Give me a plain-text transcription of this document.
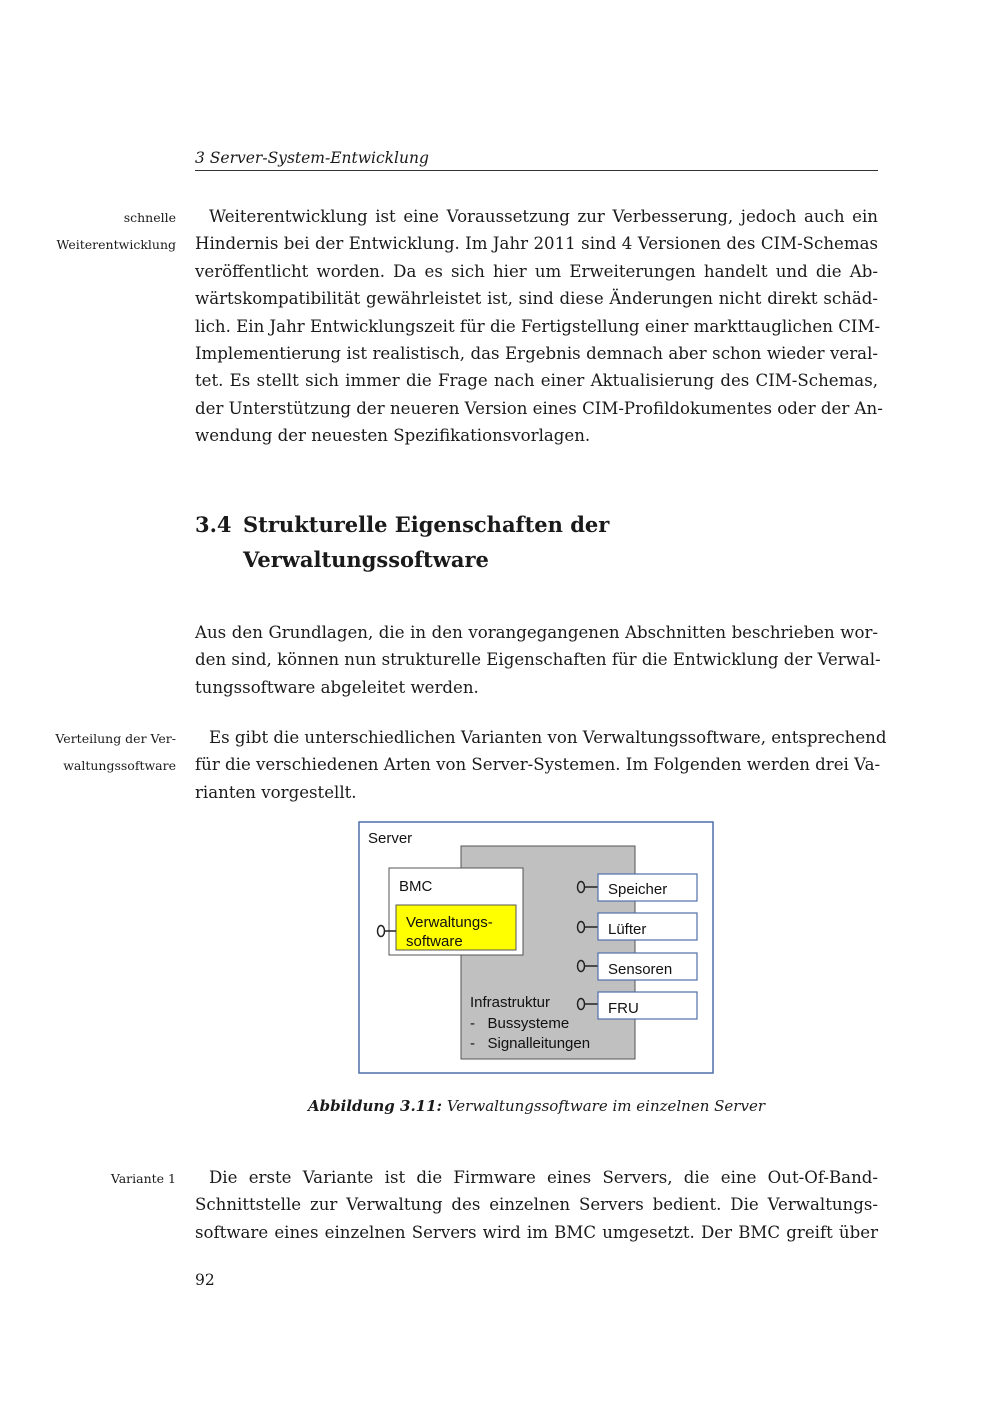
3 Server-System-Entwicklung
schnelle
Weiterentwicklung
Weiterentwicklung ist eine Voraussetzung zur Verbesserung, jedoch auch ein
Hindernis bei der Entwicklung. Im Jahr 2011 sind 4 Versionen des CIM-Schemas
veröffentlicht worden. Da es sich hier um Erweiterungen handelt und die Ab-
wärtskompatibilität gewährleistet ist, sind diese Änderungen nicht direkt schäd-
lich. Ein Jahr Entwicklungszeit für die Fertigstellung einer markttauglichen CIM-
Implementierung ist realistisch, das Ergebnis demnach aber schon wieder veral-
tet. Es stellt sich immer die Frage nach einer Aktualisierung des CIM-Schemas,
der Unterstützung der neueren Version eines CIM-Profildokumentes oder der An-
wendung der neuesten Spezifikationsvorlagen.
3.4 Strukturelle Eigenschaften der
Verwaltungssoftware
Aus den Grundlagen, die in den vorangegangenen Abschnitten beschrieben wor-
den sind, können nun strukturelle Eigenschaften für die Entwicklung der Verwal-
tungssoftware abgeleitet werden.
Verteilung der Ver-
waltungssoftware
Es gibt die unterschiedlichen Varianten von Verwaltungssoftware, entsprechend
für die verschiedenen Arten von Server-Systemen. Im Folgenden werden drei Va-
rianten vorgestellt.
Server
BMC
Verwaltungs-
software
Speicher
Lüfter
Sensoren
FRU
Infrastruktur
-   Bussysteme
-   Signalleitungen
Abbildung 3.11: Verwaltungssoftware im einzelnen Server
Variante 1	Die erste Variante ist die Firmware eines Servers, die eine Out-Of-Band-
Schnittstelle zur Verwaltung des einzelnen Servers bedient. Die Verwaltungs-
software eines einzelnen Servers wird im BMC umgesetzt. Der BMC greift über
92
